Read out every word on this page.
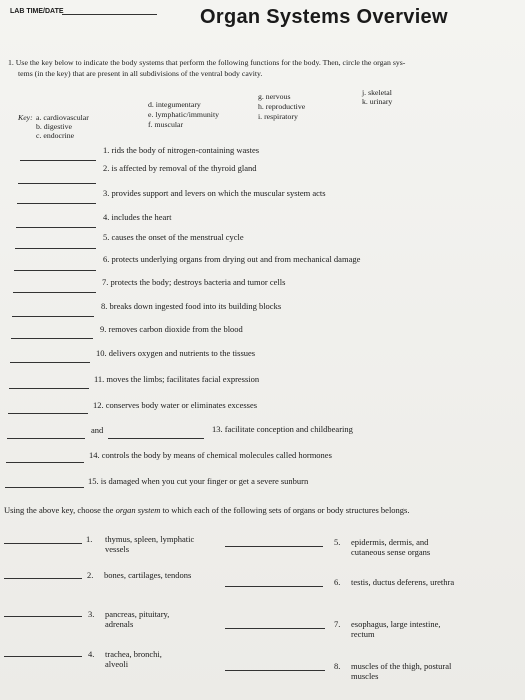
LAB TIME/DATE	Organ Systems Overview
1. Use the key below to indicate the body systems that perform the following functions for the body. Then, circle the organ sys-
tems (in the key) that are present in all subdivisions of the ventral body cavity.
Key: a. cardiovascular
b. digestive
c. endocrine
d. integumentary
e. lymphatic/immunity
f. muscular
g. nervous
h. reproductive
i. respiratory
j. skeletal
k. urinary
1. rids the body of nitrogen-containing wastes
2. is affected by removal of the thyroid gland
3. provides support and levers on which the muscular system acts
4. includes the heart
5. causes the onset of the menstrual cycle
6. protects underlying organs from drying out and from mechanical damage
7. protects the body; destroys bacteria and tumor cells
8. breaks down ingested food into its building blocks
9. removes carbon dioxide from the blood
10. delivers oxygen and nutrients to the tissues
11. moves the limbs; facilitates facial expression
12. conserves body water or eliminates excesses
and	13. facilitate conception and childbearing
14. controls the body by means of chemical molecules called hormones
15. is damaged when you cut your finger or get a severe sunburn
Using the above key, choose the organ system to which each of the following sets of organs or body structures belongs.
1. thymus, spleen, lymphatic vessels
2. bones, cartilages, tendons
3. pancreas, pituitary, adrenals
4. trachea, bronchi, alveoli
5. epidermis, dermis, and cutaneous sense organs
6. testis, ductus deferens, urethra
7. esophagus, large intestine, rectum
8. muscles of the thigh, postural muscles
